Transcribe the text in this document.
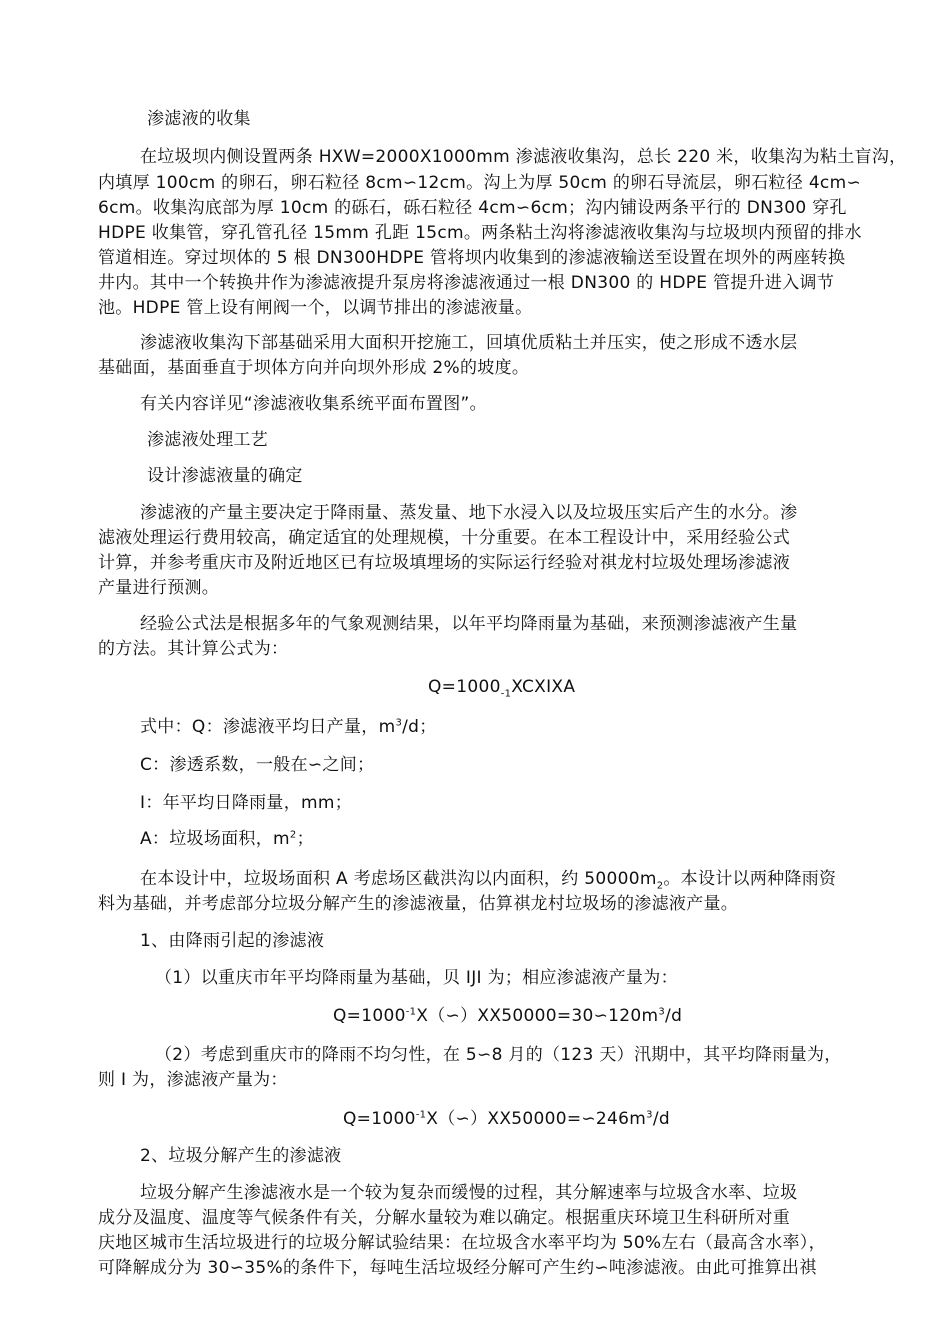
渗滤液的收集
在垃圾坝内侧设置两条 HXW=2000X1000mm 渗滤液收集沟，总长 220 米，收集沟为粘土盲沟，
内填厚 100cm 的卵石，卵石粒径 8cm∽12cm。沟上为厚 50cm 的卵石导流层，卵石粒径 4cm∽
6cm。收集沟底部为厚 10cm 的砾石，砾石粒径 4cm∽6cm；沟内铺设两条平行的 DN300 穿孔
HDPE 收集管，穿孔管孔径 15mm 孔距 15cm。两条粘土沟将渗滤液收集沟与垃圾坝内预留的排水
管道相连。穿过坝体的 5 根 DN300HDPE 管将坝内收集到的渗滤液输送至设置在坝外的两座转换
井内。其中一个转换井作为渗滤液提升泵房将渗滤液通过一根 DN300 的 HDPE 管提升进入调节
池。HDPE 管上设有闸阀一个，以调节排出的渗滤液量。
渗滤液收集沟下部基础采用大面积开挖施工，回填优质粘土并压实，使之形成不透水层
基础面，基面垂直于坝体方向并向坝外形成 2%的坡度。
有关内容详见“渗滤液收集系统平面布置图”。
渗滤液处理工艺
设计渗滤液量的确定
渗滤液的产量主要决定于降雨量、蒸发量、地下水浸入以及垃圾压实后产生的水分。渗
滤液处理运行费用较高，确定适宜的处理规模，十分重要。在本工程设计中，采用经验公式
计算，并参考重庆市及附近地区已有垃圾填埋场的实际运行经验对祺龙村垃圾处理场渗滤液
产量进行预测。
经验公式法是根据多年的气象观测结果，以年平均降雨量为基础，来预测渗滤液产生量
的方法。其计算公式为：
$Q=1000_{-1}XCXIXA$
式中：Q：渗滤液平均日产量，$m^3/d$；
C：渗透系数，一般在∽之间；
I：年平均日降雨量，mm；
A：垃圾场面积，$m^2$；
在本设计中，垃圾场面积 A 考虑场区截洪沟以内面积，约 $50000m_2$。本设计以两种降雨资
料为基础，并考虑部分垃圾分解产生的渗滤液量，估算祺龙村垃圾场的渗滤液产量。
1、由降雨引起的渗滤液
（1）以重庆市年平均降雨量为基础，贝 IJI 为；相应渗滤液产量为：
$Q=1000^{-1}X(∽)XX50000=30∽120m^3/d$
（2）考虑到重庆市的降雨不均匀性，在 5∽8 月的（123 天）汛期中，其平均降雨量为，
则 I 为，渗滤液产量为：
$Q=1000^{-1}X(∽)XX50000=∽246m^3/d$
2、垃圾分解产生的渗滤液
垃圾分解产生渗滤液水是一个较为复杂而缓慢的过程，其分解速率与垃圾含水率、垃圾
成分及温度、温度等气候条件有关，分解水量较为难以确定。根据重庆环境卫生科研所对重
庆地区城市生活垃圾进行的垃圾分解试验结果：在垃圾含水率平均为 50%左右（最高含水率），
可降解成分为 30∽35%的条件下，每吨生活垃圾经分解可产生约∽吨渗滤液。由此可推算出祺
